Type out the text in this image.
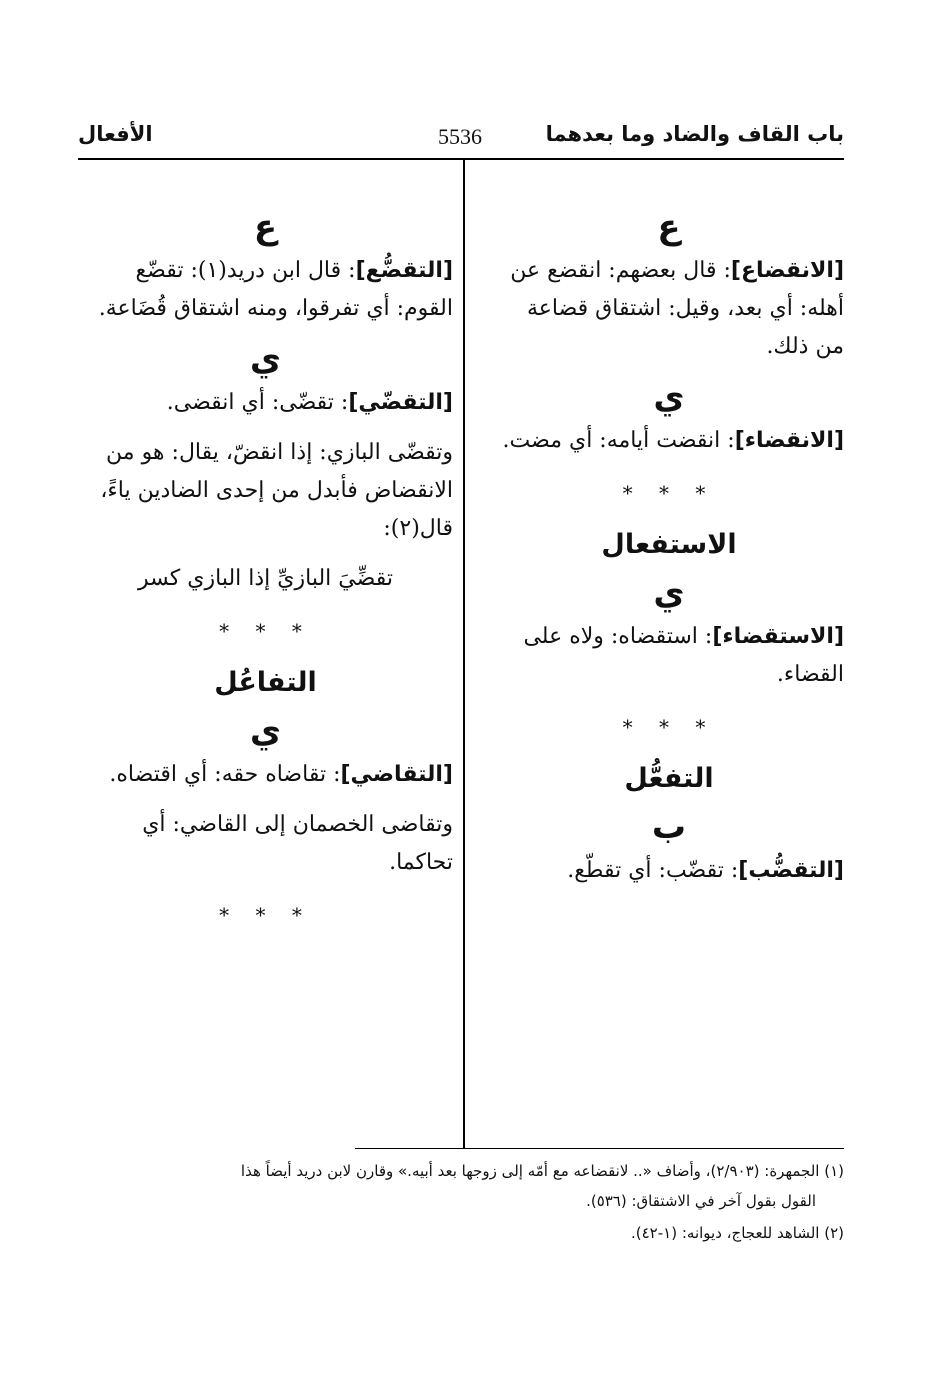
باب القاف والضاد وما بعدهما
5536
الأفعال
ع

[الانقضاع]: قال بعضهم: انقضع عن أهله: أي بعد، وقيل: اشتقاق قضاعة من ذلك.

ي

[الانقضاء]: انقضت أيامه: أي مضت.

* * *
الاستفعال
ي

[الاستقضاء]: استقضاه: ولاه على القضاء.

* * *
التفعُّل
ب

[التقضُّب]: تقضّب: أي تقطّع.

ع

[التقضُّع]: قال ابن دريد(١): تقضّع القوم: أي تفرقوا، ومنه اشتقاق قُضَاعة.

ي

[التقضّي]: تقضّى: أي انقضى.

وتقضّى البازي: إذا انقضّ، يقال: هو من الانقضاض فأبدل من إحدى الضادين ياءً، قال(٢):

تقضِّيَ البازيِّ إذا البازي كسر

* * *
التفاعُل
ي

[التقاضي]: تقاضاه حقه: أي اقتضاه.

وتقاضى الخصمان إلى القاضي: أي تحاكما.

* * *

(١) الجمهرة: (٢/٩٠٣)، وأضاف «.. لانقضاعه مع أمّه إلى زوجها بعد أبيه.» وقارن لابن دريد أيضاً هذا

القول بقول آخر في الاشتقاق: (٥٣٦).

(٢) الشاهد للعجاج، ديوانه: (١-٤٢).
